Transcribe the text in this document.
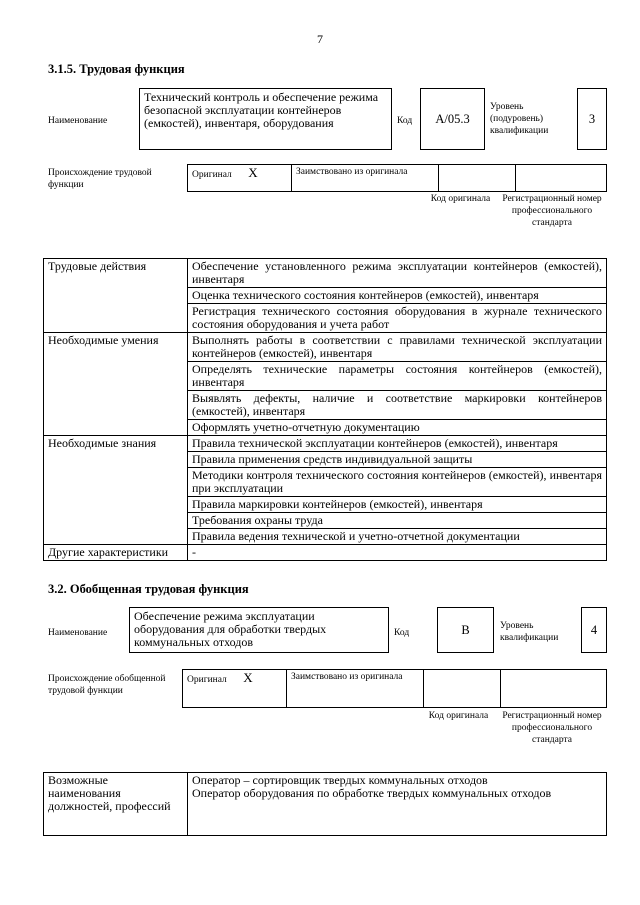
7
3.1.5. Трудовая функция
Наименование
Технический контроль и обеспечение режима безопасной эксплуатации контейнеров (емкостей), инвентаря, оборудования	Код	A/05.3
Уровень (подуровень) квалификации
3
Происхождение трудовой функции
Оригинал X	Заимствовано из оригинала		
Код оригинала	Регистрационный номер профессионального стандарта
Трудовые действия	Обеспечение установленного режима эксплуатации контейнеров (емкостей), инвентаря
	Оценка технического состояния контейнеров (емкостей), инвентаря
	Регистрация технического состояния оборудования в журнале технического состояния оборудования и учета работ
Необходимые умения	Выполнять работы в соответствии с правилами технической эксплуатации контейнеров (емкостей), инвентаря
	Определять технические параметры состояния контейнеров (емкостей), инвентаря
	Выявлять дефекты, наличие и соответствие маркировки контейнеров (емкостей), инвентаря
	Оформлять учетно-отчетную документацию
Необходимые знания	Правила технической эксплуатации контейнеров (емкостей), инвентаря
	Правила применения средств индивидуальной защиты
	Методики контроля технического состояния контейнеров (емкостей), инвентаря при эксплуатации
	Правила маркировки контейнеров (емкостей), инвентаря
	Требования охраны труда
	Правила ведения технической и учетно-отчетной документации
Другие характеристики	-
3.2. Обобщенная трудовая функция
Наименование
Обеспечение режима эксплуатации оборудования для обработки твердых коммунальных отходов
Код	B	Уровень квалификации
4
Происхождение обобщенной трудовой функции
Оригинал X	Заимствовано из оригинала		
Код оригинала	Регистрационный номер профессионального стандарта
Возможные наименования должностей, профессий	
Оператор – сортировщик твердых коммунальных отходов
Оператор оборудования по обработке твердых коммунальных отходов
